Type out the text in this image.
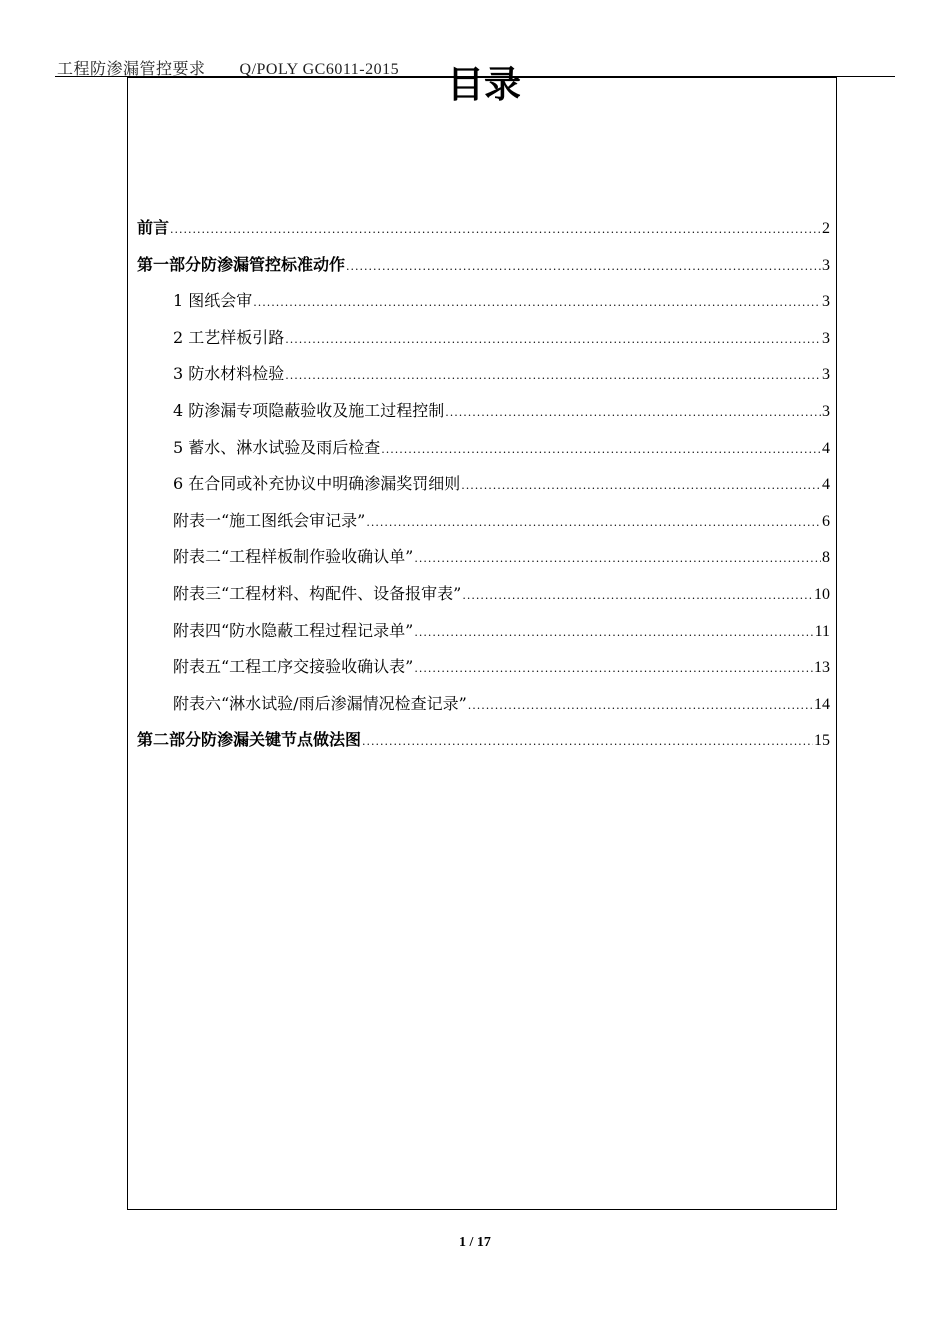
工程防渗漏管控要求 Q/POLY GC6011-2015	目录
前言 .....	2
第一部分防渗漏管控标准动作 .....	3
1 图纸会审 .....	3
2 工艺样板引路 .....	3
3 防水材料检验 .....	3
4 防渗漏专项隐蔽验收及施工过程控制 .....	3
5 蓄水、淋水试验及雨后检查 .....	4
6 在合同或补充协议中明确渗漏奖罚细则 .....	4
附表一“施工图纸会审记录” .....	6
附表二“工程样板制作验收确认单” .....	8
附表三“工程材料、构配件、设备报审表” .....	10
附表四“防水隐蔽工程过程记录单” .....	11
附表五“工程工序交接验收确认表” .....	13
附表六“淋水试验/雨后渗漏情况检查记录” .....	14
第二部分防渗漏关键节点做法图 .....	15
1 / 17
